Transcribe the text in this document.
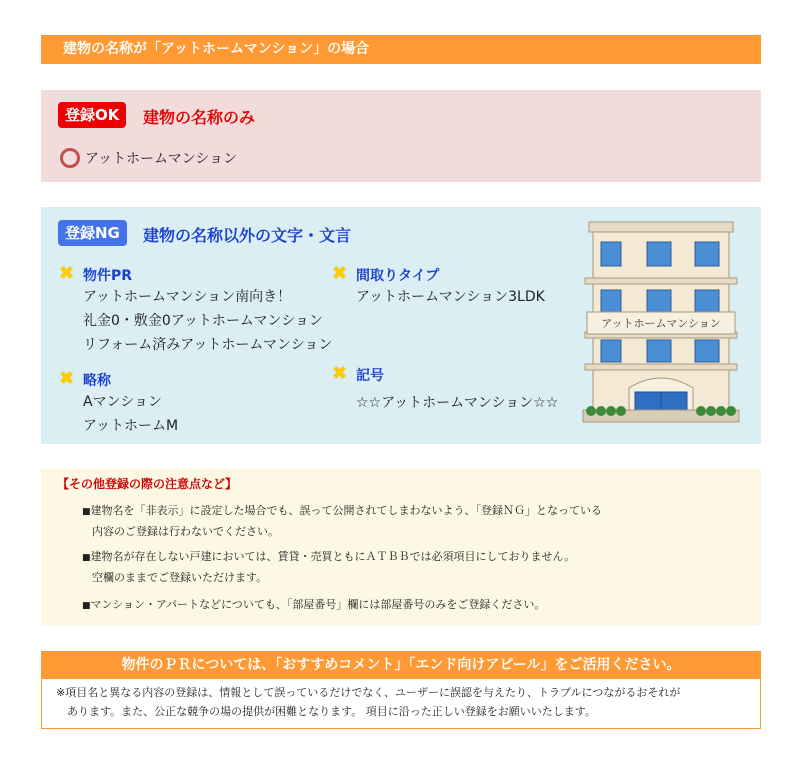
建物の名称が「アットホームマンション」の場合
登録OK	建物の名称のみ
アットホームマンション
登録NG	建物の名称以外の文字・文言
✖ 物件PR
アットホームマンション南向き！
礼金0・敷金0アットホームマンション
リフォーム済みアットホームマンション
✖ 間取りタイプ
アットホームマンション3LDK
✖ 略称
Aマンション
アットホームM
✖ 記号
☆☆アットホームマンション☆☆
アットホームマンション
【その他登録の際の注意点など】
■建物名を「非表示」に設定した場合でも、誤って公開されてしまわないよう、「登録ＮＧ」となっている
内容のご登録は行わないでください。
■建物名が存在しない戸建においては、賃貸・売買ともにＡＴＢＢでは必須項目にしておりません。
空欄のままでご登録いただけます。
■マンション・アパートなどについても、「部屋番号」欄には部屋番号のみをご登録ください。
物件のＰＲについては、「おすすめコメント」「エンド向けアピール」をご活用ください。
※項目名と異なる内容の登録は、情報として誤っているだけでなく、ユーザーに誤認を与えたり、トラブルにつながるおそれが
　あります。また、公正な競争の場の提供が困難となります。 項目に沿った正しい登録をお願いいたします。
